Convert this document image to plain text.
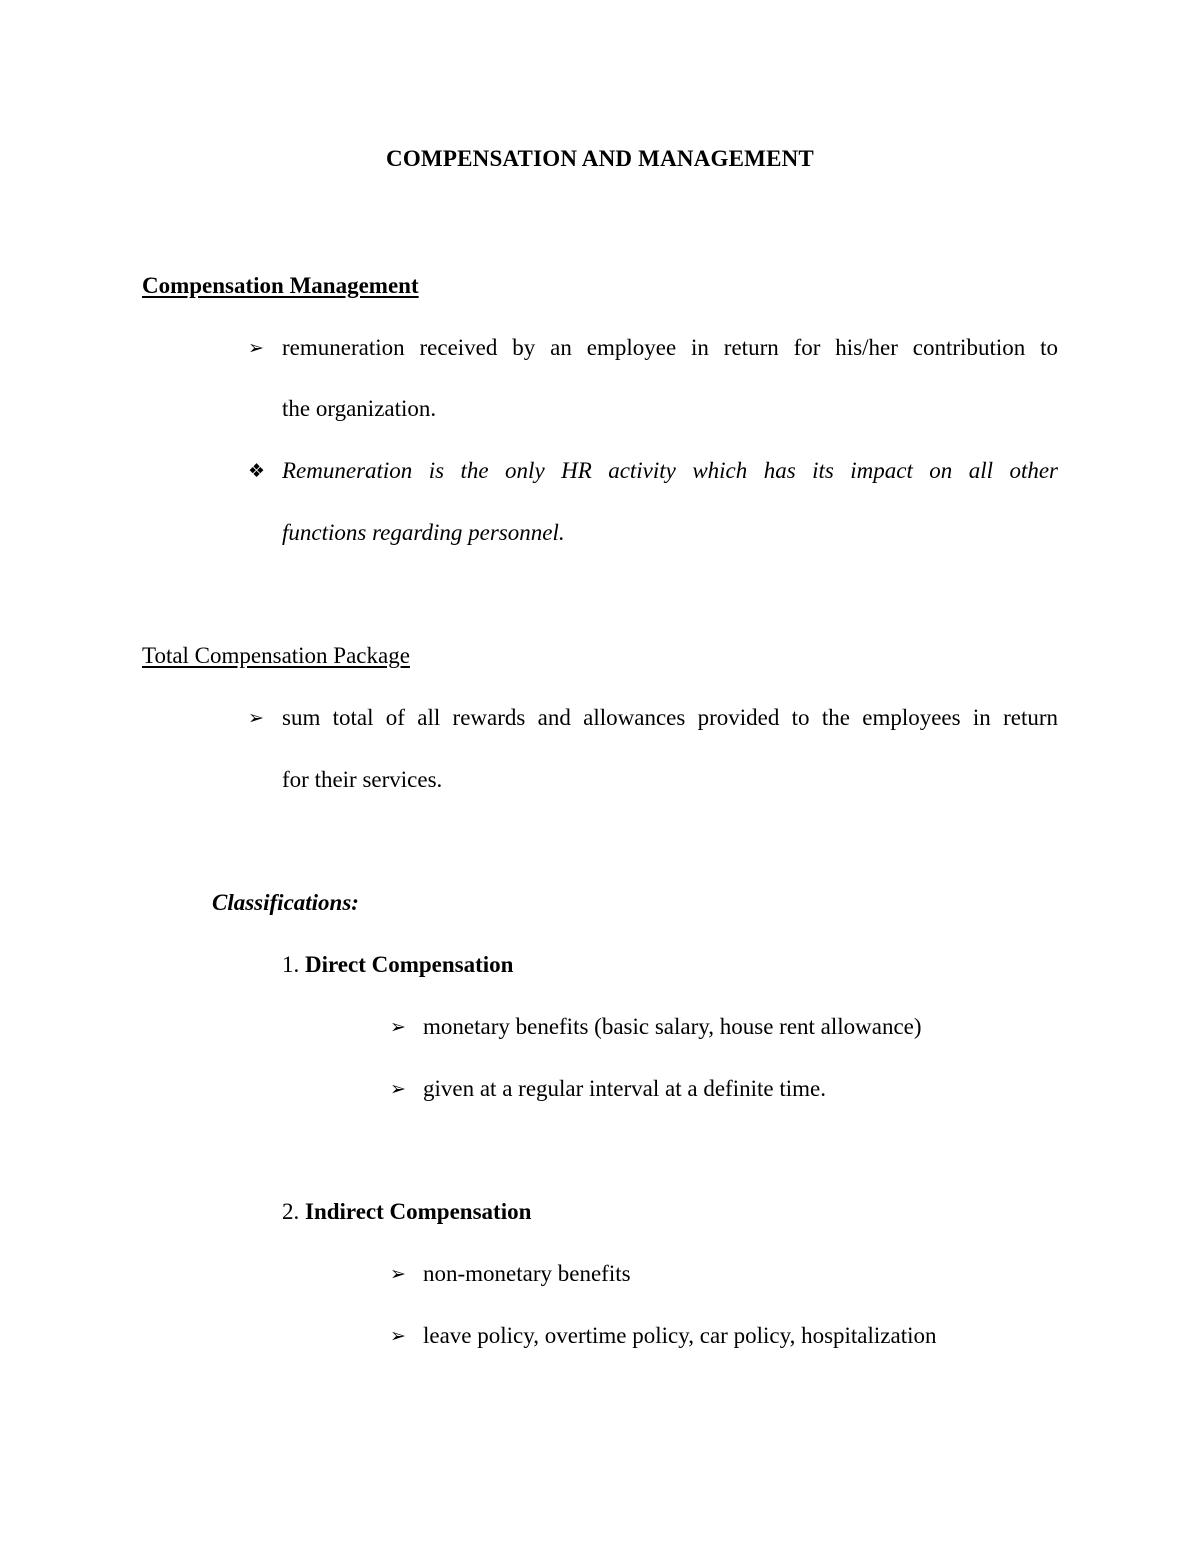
COMPENSATION AND MANAGEMENT
Compensation Management
➢ remuneration received by an employee in return for his/her contribution to
the organization.
❖ Remuneration is the only HR activity which has its impact on all other
functions regarding personnel.
Total Compensation Package
➢ sum total of all rewards and allowances provided to the employees in return
for their services.
Classifications:
1. Direct Compensation
➢ monetary benefits (basic salary, house rent allowance)
➢ given at a regular interval at a definite time.
2. Indirect Compensation
➢ non-monetary benefits
➢ leave policy, overtime policy, car policy, hospitalization
